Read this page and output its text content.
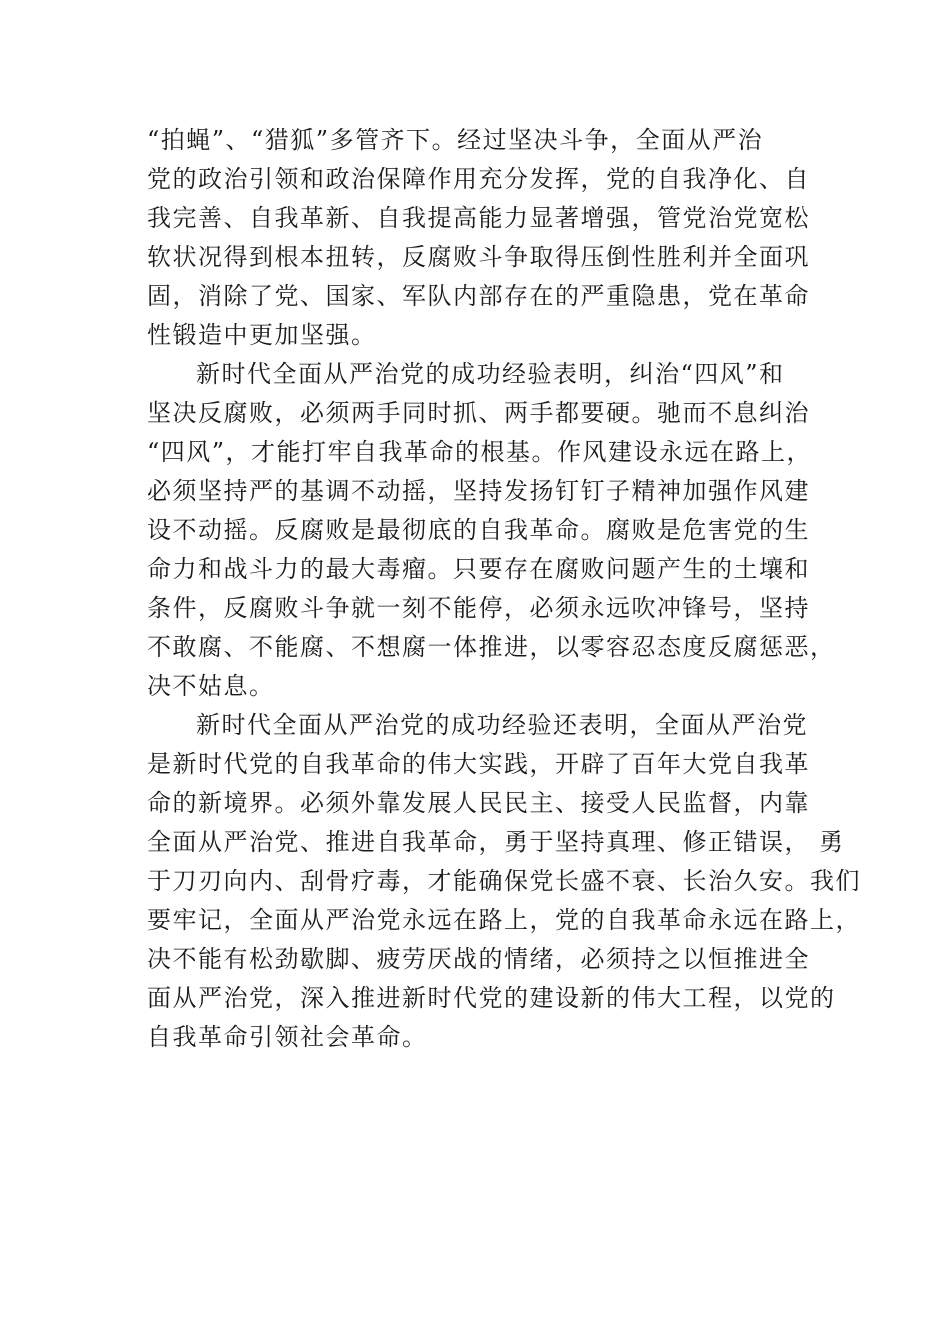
“拍蝇”、“猎狐”多管齐下。经过坚决斗争，全面从严治
党的政治引领和政治保障作用充分发挥，党的自我净化、自
我完善、自我革新、自我提高能力显著增强，管党治党宽松
软状况得到根本扭转，反腐败斗争取得压倒性胜利并全面巩
固，消除了党、国家、军队内部存在的严重隐患，党在革命
性锻造中更加坚强。
新时代全面从严治党的成功经验表明，纠治“四风”和
坚决反腐败，必须两手同时抓、两手都要硬。驰而不息纠治
“四风”，才能打牢自我革命的根基。作风建设永远在路上，
必须坚持严的基调不动摇，坚持发扬钉钉子精神加强作风建
设不动摇。反腐败是最彻底的自我革命。腐败是危害党的生
命力和战斗力的最大毒瘤。只要存在腐败问题产生的土壤和
条件，反腐败斗争就一刻不能停，必须永远吹冲锋号，坚持
不敢腐、不能腐、不想腐一体推进，以零容忍态度反腐惩恶，
决不姑息。
新时代全面从严治党的成功经验还表明，全面从严治党
是新时代党的自我革命的伟大实践，开辟了百年大党自我革
命的新境界。必须外靠发展人民民主、接受人民监督，内靠
全面从严治党、推进自我革命，勇于坚持真理、修正错误， 勇
于刀刃向内、刮骨疗毒，才能确保党长盛不衰、长治久安。我们
要牢记，全面从严治党永远在路上，党的自我革命永远在路上，
决不能有松劲歇脚、疲劳厌战的情绪，必须持之以恒推进全
面从严治党，深入推进新时代党的建设新的伟大工程，以党的
自我革命引领社会革命。
